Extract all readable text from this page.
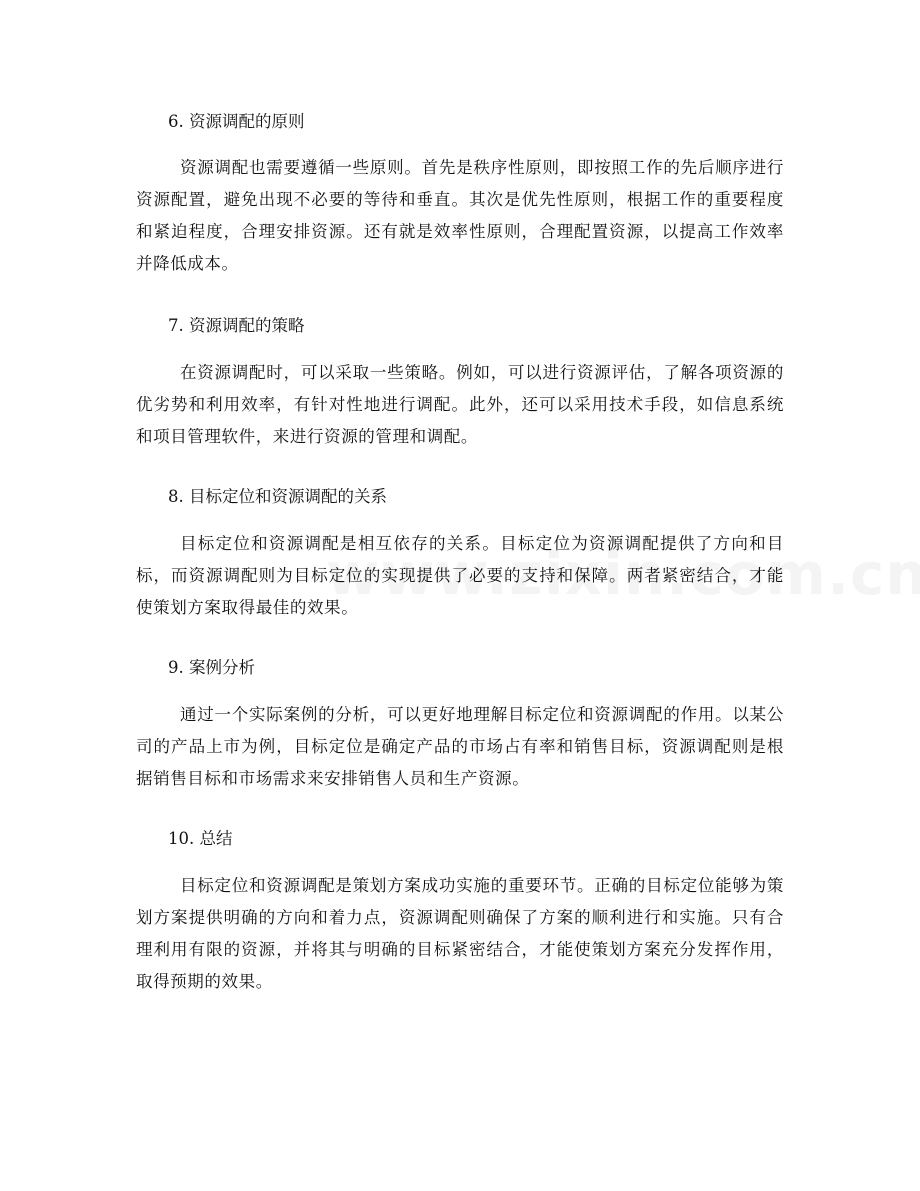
6. 资源调配的原则
资源调配也需要遵循一些原则。首先是秩序性原则，即按照工作的先后顺序进行资源配置，避免出现不必要的等待和垂直。其次是优先性原则，根据工作的重要程度和紧迫程度，合理安排资源。还有就是效率性原则，合理配置资源，以提高工作效率并降低成本。
7. 资源调配的策略
在资源调配时，可以采取一些策略。例如，可以进行资源评估，了解各项资源的优劣势和利用效率，有针对性地进行调配。此外，还可以采用技术手段，如信息系统和项目管理软件，来进行资源的管理和调配。
8. 目标定位和资源调配的关系
目标定位和资源调配是相互依存的关系。目标定位为资源调配提供了方向和目标，而资源调配则为目标定位的实现提供了必要的支持和保障。两者紧密结合，才能使策划方案取得最佳的效果。
9. 案例分析
通过一个实际案例的分析，可以更好地理解目标定位和资源调配的作用。以某公司的产品上市为例，目标定位是确定产品的市场占有率和销售目标，资源调配则是根据销售目标和市场需求来安排销售人员和生产资源。
10. 总结
目标定位和资源调配是策划方案成功实施的重要环节。正确的目标定位能够为策划方案提供明确的方向和着力点，资源调配则确保了方案的顺利进行和实施。只有合理利用有限的资源，并将其与明确的目标紧密结合，才能使策划方案充分发挥作用，取得预期的效果。
